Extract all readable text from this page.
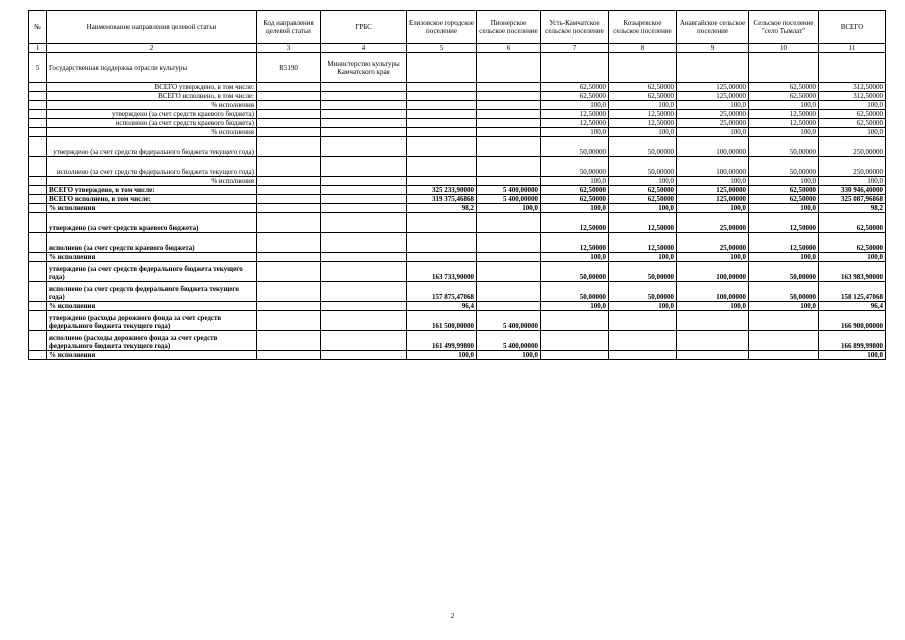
№	Наименование направления целевой статьи	Код направления целевой статьи	ГРБС	Елизовское городское поселение	Пионерское сельское поселение	Усть-Камчатское сельское поселение	Козыревское сельское поселение	Анавгайское сельское поселение	Сельское поселение "село Тымлат"	ВСЕГО
1	2	3	4	5	6	7	8	9	10	11
5	Государственная поддержка отрасли культуры	R5190	Министерство культуры Камчатского края							
	ВСЕГО утверждено, в том числе:					62,50000	62,50000	125,00000	62,50000	312,50000
	ВСЕГО исполнено, в том числе:					62,50000	62,50000	125,00000	62,50000	312,50000
	% исполнения					100,0	100,0	100,0	100,0	100,0
	утверждено (за счет средств краевого бюджета)					12,50000	12,50000	25,00000	12,50000	62,50000
	исполнено (за счет средств краевого бюджета)					12,50000	12,50000	25,00000	12,50000	62,50000
	% исполнения					100,0	100,0	100,0	100,0	100,0
	утверждено (за счет средств федерального бюджета текущего года)					50,00000	50,00000	100,00000	50,00000	250,00000
	исполнено (за счет средств федерального бюджета текущего года)					50,00000	50,00000	100,00000	50,00000	250,00000
	% исполнения					100,0	100,0	100,0	100,0	100,0
	ВСЕГО утверждено, в том числе:			325 233,90000	5 400,00000	62,50000	62,50000	125,00000	62,50000	330 946,40000
	ВСЕГО исполнено, в том числе:			319 375,46868	5 400,00000	62,50000	62,50000	125,00000	62,50000	325 087,96868
	% исполнения			98,2	100,0	100,0	100,0	100,0	100,0	98,2
	утверждено (за счет средств краевого бюджета)					12,50000	12,50000	25,00000	12,50000	62,50000
	исполнено (за счет средств краевого бюджета)					12,50000	12,50000	25,00000	12,50000	62,50000
	% исполнения					100,0	100,0	100,0	100,0	100,0
	утверждено (за счет средств федерального бюджета текущего года)			163 733,90000		50,00000	50,00000	100,00000	50,00000	163 983,90000
	исполнено (за счет средств федерального бюджета текущего года)			157 875,47068		50,00000	50,00000	100,00000	50,00000	158 125,47068
	% исполнения			96,4		100,0	100,0	100,0	100,0	96,4
	утверждено (расходы дорожного фонда за счет средств федерального бюджета текущего года)			161 500,00000	5 400,00000					166 900,00000
	исполнено (расходы дорожного фонда за счет средств федерального бюджета текущего года)			161 499,99800	5 400,00000					166 899,99800
	% исполнения			100,0	100,0					100,0
2
